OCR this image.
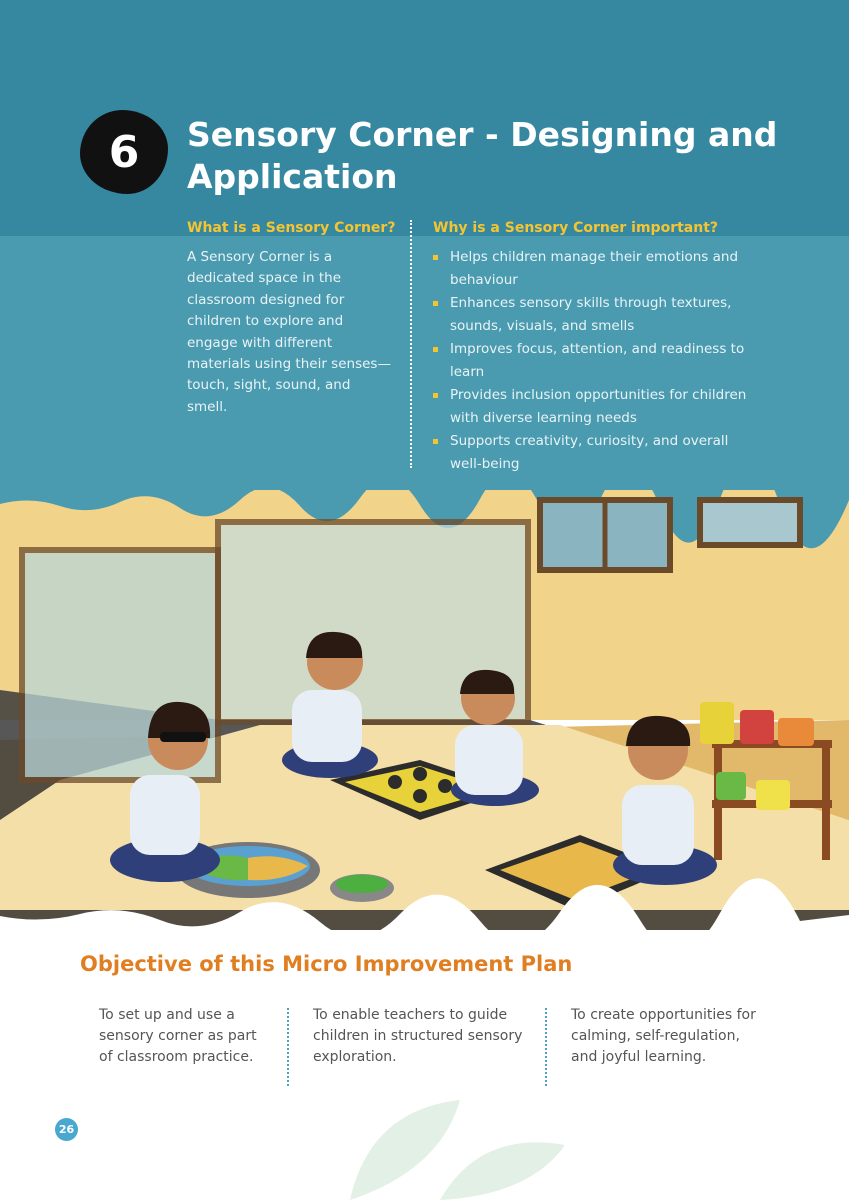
6 Sensory Corner - Designing and Application
What is a Sensory Corner?

A Sensory Corner is a dedicated space in the classroom designed for children to explore and engage with different materials using their senses—touch, sight, sound, and smell.

Why is a Sensory Corner important?
Helps children manage their emotions and behaviour
Enhances sensory skills through textures, sounds, visuals, and smells
Improves focus, attention, and readiness to learn
Provides inclusion opportunities for children with diverse learning needs
Supports creativity, curiosity, and overall well-being
Objective of this Micro Improvement Plan

To set up and use a sensory corner as part of classroom practice.

To enable teachers to guide children in structured sensory exploration.

To create opportunities for calming, self-regulation, and joyful learning.

26
